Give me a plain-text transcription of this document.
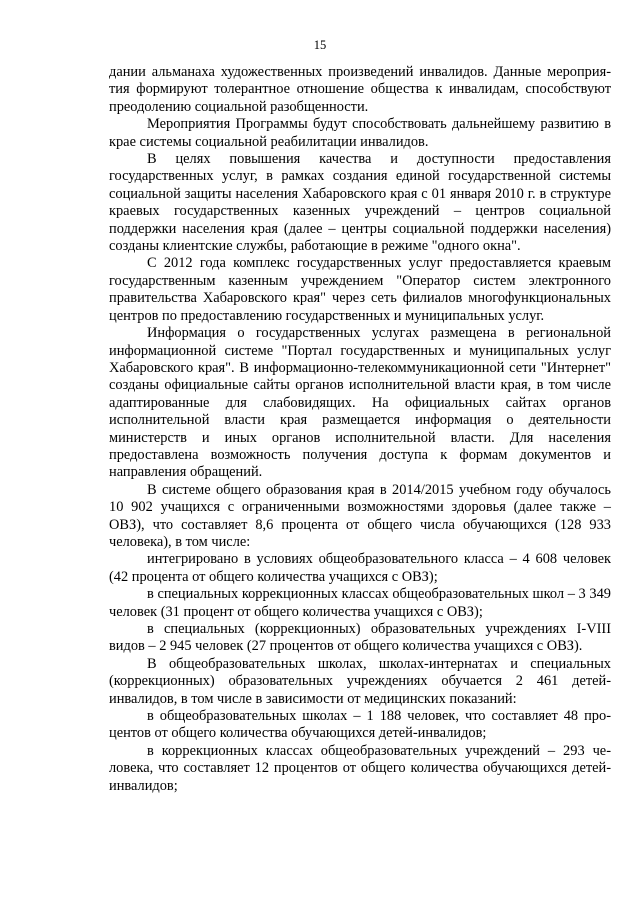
15

дании альманаха художественных произведений инвалидов. Данные мероприятия формируют толерантное отношение общества к инвалидам, способствуют преодолению социальной разобщенности.

Мероприятия Программы будут способствовать дальнейшему развитию в крае системы социальной реабилитации инвалидов.

В целях повышения качества и доступности предоставления государственных услуг, в рамках создания единой государственной системы социальной защиты населения Хабаровского края с 01 января 2010 г. в структуре краевых государственных казенных учреждений – центров социальной поддержки населения края (далее – центры социальной поддержки населения) созданы клиентские службы, работающие в режиме "одного окна".

С 2012 года комплекс государственных услуг предоставляется краевым государственным казенным учреждением "Оператор систем электронного правительства Хабаровского края" через сеть филиалов многофункциональных центров по предоставлению государственных и муниципальных услуг.

Информация о государственных услугах размещена в региональной информационной системе "Портал государственных и муниципальных услуг Хабаровского края". В информационно-телекоммуникационной сети "Интернет" созданы официальные сайты органов исполнительной власти края, в том числе адаптированные для слабовидящих. На официальных сайтах органов исполнительной власти края размещается информация о деятельности министерств и иных органов исполнительной власти. Для населения предоставлена возможность получения доступа к формам документов и направления обращений.

В системе общего образования края в 2014/2015 учебном году обучалось 10 902 учащихся с ограниченными возможностями здоровья (далее также – ОВЗ), что составляет 8,6 процента от общего числа обучающихся (128 933 человека), в том числе:

интегрировано в условиях общеобразовательного класса – 4 608 человек (42 процента от общего количества учащихся с ОВЗ);

в специальных коррекционных классах общеобразовательных школ – 3 349 человек (31 процент от общего количества учащихся с ОВЗ);

в специальных (коррекционных) образовательных учреждениях I-VIII видов – 2 945 человек (27 процентов от общего количества учащихся с ОВЗ).

В общеобразовательных школах, школах-интернатах и специальных (коррекционных) образовательных учреждениях обучается 2 461 детей-инвалидов, в том числе в зависимости от медицинских показаний:

в общеобразовательных школах – 1 188 человек, что составляет 48 процентов от общего количества обучающихся детей-инвалидов;

в коррекционных классах общеобразовательных учреждений – 293 человека, что составляет 12 процентов от общего количества обучающихся детей-инвалидов;
